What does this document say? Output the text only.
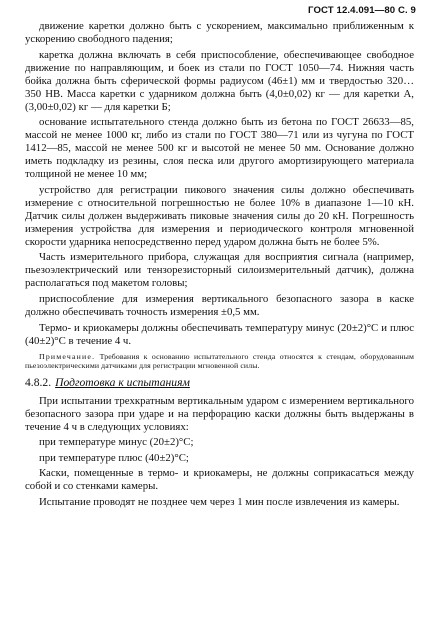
ГОСТ 12.4.091—80 С. 9

движение каретки должно быть с ускорением, максимально приближенным к ускорению свободного падения;

каретка должна включать в себя приспособление, обеспечивающее свободное движение по направляющим, и боек из стали по ГОСТ 1050—74. Нижняя часть бойка должна быть сферической формы радиусом (46±1) мм и твердостью 320…350 НВ. Масса каретки с ударником должна быть (4,0±0,02) кг — для каретки А, (3,00±0,02) кг — для каретки Б;

основание испытательного стенда должно быть из бетона по ГОСТ 26633—85, массой не менее 1000 кг, либо из стали по ГОСТ 380—71 или из чугуна по ГОСТ 1412—85, массой не менее 500 кг и высотой не менее 50 мм. Основание должно иметь подкладку из резины, слоя песка или другого амортизирующего материала толщиной не менее 10 мм;

устройство для регистрации пикового значения силы должно обеспечивать измерение с относительной погрешностью не более 10% в диапазоне 1—10 кН. Датчик силы должен выдерживать пиковые значения силы до 20 кН. Погрешность измерения устройства для измерения и периодического контроля мгновенной скорости ударника непосредственно перед ударом должна быть не более 5%.

Часть измерительного прибора, служащая для восприятия сигнала (например, пьезоэлектрический или тензорезисторный силоизмерительный датчик), должна располагаться под макетом головы;

приспособление для измерения вертикального безопасного зазора в каске должно обеспечивать точность измерения ±0,5 мм.

Термо- и криокамеры должны обеспечивать температуру минус (20±2)°С и плюс (40±2)°С в течение 4 ч.

Примечание. Требования к основанию испытательного стенда относятся к стендам, оборудованным пьезоэлектрическими датчиками для регистрации мгновенной силы.

4.8.2. Подготовка к испытаниям

При испытании трехкратным вертикальным ударом с измерением вертикального безопасного зазора при ударе и на перфорацию каски должны быть выдержаны в течение 4 ч в следующих условиях:

при температуре минус (20±2)°С;

при температуре плюс (40±2)°С;

Каски, помещенные в термо- и криокамеры, не должны соприкасаться между собой и со стенками камеры.

Испытание проводят не позднее чем через 1 мин после извлечения из камеры.
